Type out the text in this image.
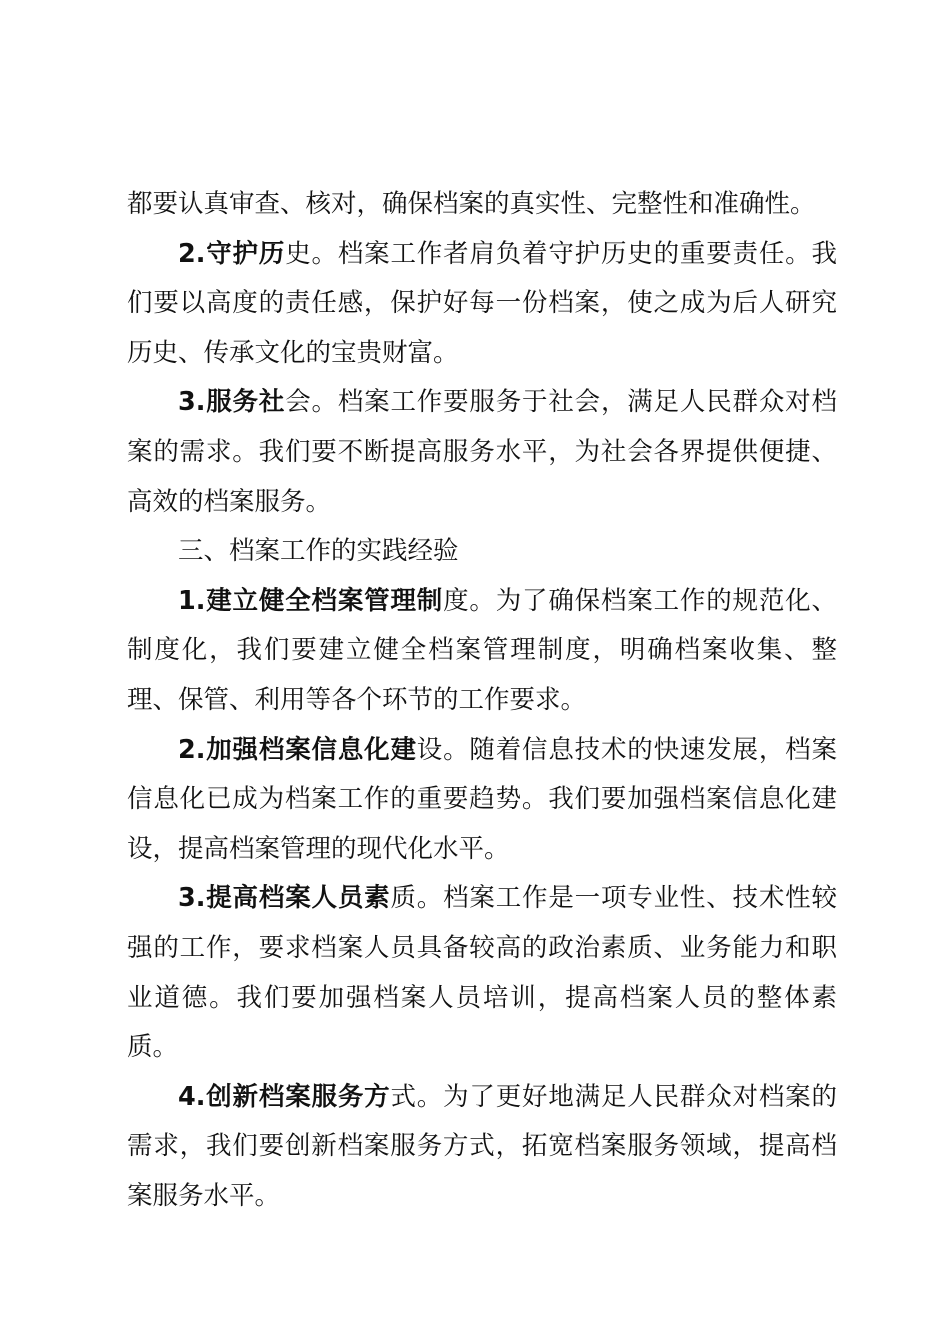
都要认真审查、核对，确保档案的真实性、完整性和准确性。

2.守护历史。档案工作者肩负着守护历史的重要责任。我们要以高度的责任感，保护好每一份档案，使之成为后人研究历史、传承文化的宝贵财富。

3.服务社会。档案工作要服务于社会，满足人民群众对档案的需求。我们要不断提高服务水平，为社会各界提供便捷、高效的档案服务。

三、档案工作的实践经验

1.建立健全档案管理制度。为了确保档案工作的规范化、制度化，我们要建立健全档案管理制度，明确档案收集、整理、保管、利用等各个环节的工作要求。

2.加强档案信息化建设。随着信息技术的快速发展，档案信息化已成为档案工作的重要趋势。我们要加强档案信息化建设，提高档案管理的现代化水平。

3.提高档案人员素质。档案工作是一项专业性、技术性较强的工作，要求档案人员具备较高的政治素质、业务能力和职业道德。我们要加强档案人员培训，提高档案人员的整体素质。

4.创新档案服务方式。为了更好地满足人民群众对档案的需求，我们要创新档案服务方式，拓宽档案服务领域，提高档案服务水平。
